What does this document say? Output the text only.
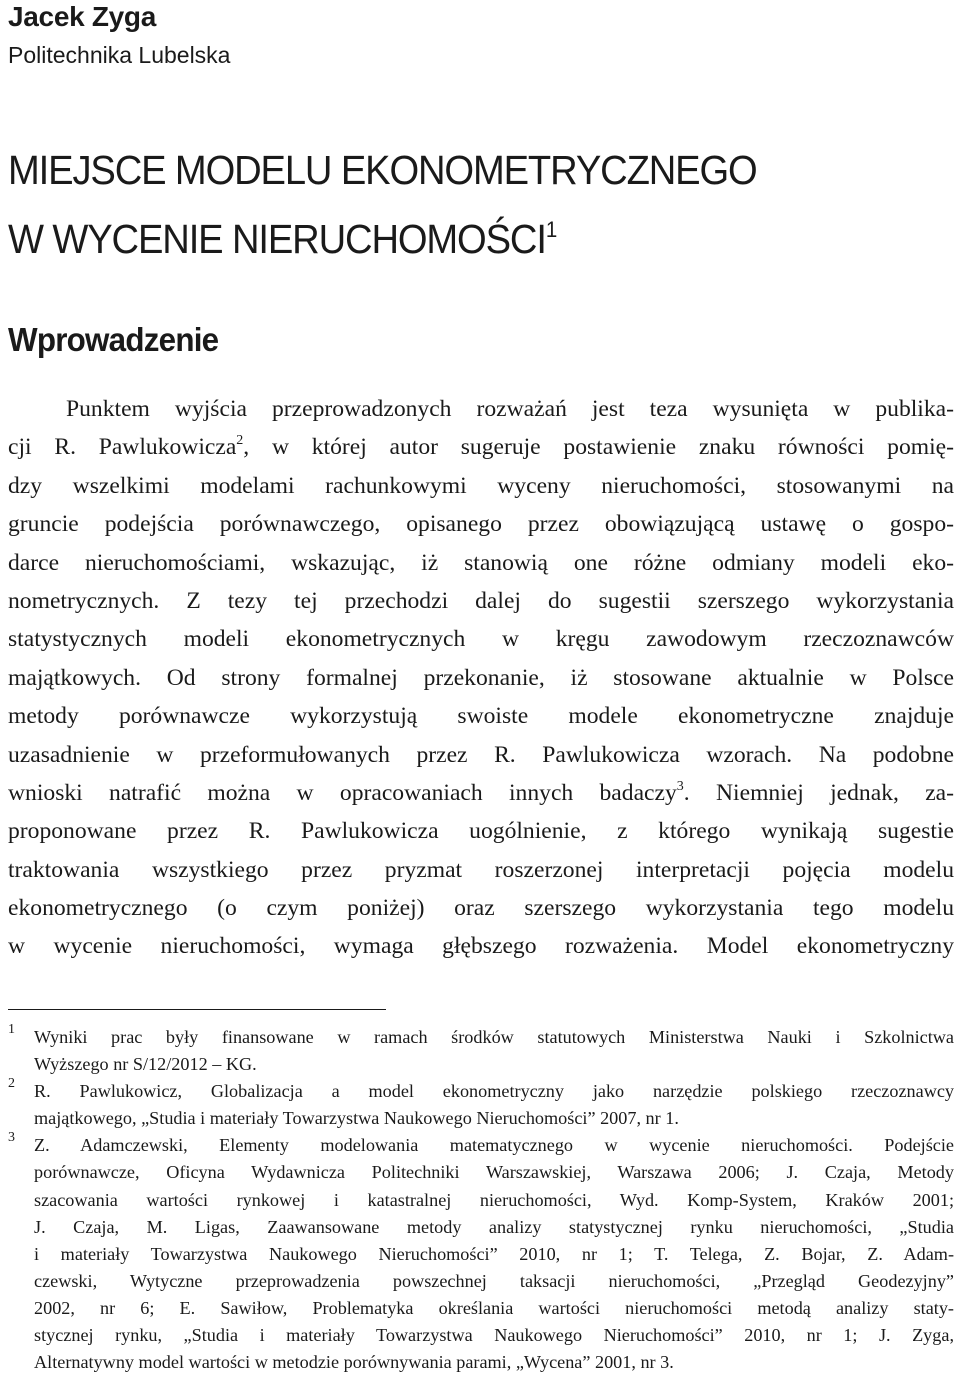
Jacek Zyga
Politechnika Lubelska
MIEJSCE MODELU EKONOMETRYCZNEGO
W WYCENIE NIERUCHOMOŚCI$^1$
Wprowadzenie
Punktem wyjścia przeprowadzonych rozważań jest teza wysunięta w publika-
cji R. Pawlukowicza$^2$, w której autor sugeruje postawienie znaku równości pomię-
dzy wszelkimi modelami rachunkowymi wyceny nieruchomości, stosowanymi na
gruncie podejścia porównawczego, opisanego przez obowiązującą ustawę o gospo-
darce nieruchomościami, wskazując, iż stanowią one różne odmiany modeli eko-
nometrycznych. Z tezy tej przechodzi dalej do sugestii szerszego wykorzystania
statystycznych modeli ekonometrycznych w kręgu zawodowym rzeczoznawców
majątkowych. Od strony formalnej przekonanie, iż stosowane aktualnie w Polsce
metody porównawcze wykorzystują swoiste modele ekonometryczne znajduje
uzasadnienie w przeformułowanych przez R. Pawlukowicza wzorach. Na podobne
wnioski natrafić można w opracowaniach innych badaczy$^3$. Niemniej jednak, za-
proponowane przez R. Pawlukowicza uogólnienie, z którego wynikają sugestie
traktowania wszystkiego przez pryzmat roszerzonej interpretacji pojęcia modelu
ekonometrycznego (o czym poniżej) oraz szerszego wykorzystania tego modelu
w wycenie nieruchomości, wymaga głębszego rozważenia. Model ekonometryczny
1 Wyniki prac były finansowane w ramach środków statutowych Ministerstwa Nauki i Szkolnictwa
Wyższego nr S/12/2012 – KG.
2 R. Pawlukowicz, Globalizacja a model ekonometryczny jako narzędzie polskiego rzeczoznawcy
majątkowego, „Studia i materiały Towarzystwa Naukowego Nieruchomości” 2007, nr 1.
3 Z. Adamczewski, Elementy modelowania matematycznego w wycenie nieruchomości. Podejście
porównawcze, Oficyna Wydawnicza Politechniki Warszawskiej, Warszawa 2006; J. Czaja, Metody
szacowania wartości rynkowej i katastralnej nieruchomości, Wyd. Komp-System, Kraków 2001;
J. Czaja, M. Ligas, Zaawansowane metody analizy statystycznej rynku nieruchomości, „Studia
i materiały Towarzystwa Naukowego Nieruchomości” 2010, nr 1; T. Telega, Z. Bojar, Z. Adam-
czewski, Wytyczne przeprowadzenia powszechnej taksacji nieruchomości, „Przegląd Geodezyjny”
2002, nr 6; E. Sawiłow, Problematyka określania wartości nieruchomości metodą analizy staty-
stycznej rynku, „Studia i materiały Towarzystwa Naukowego Nieruchomości” 2010, nr 1; J. Zyga,
Alternatywny model wartości w metodzie porównywania parami, „Wycena” 2001, nr 3.
